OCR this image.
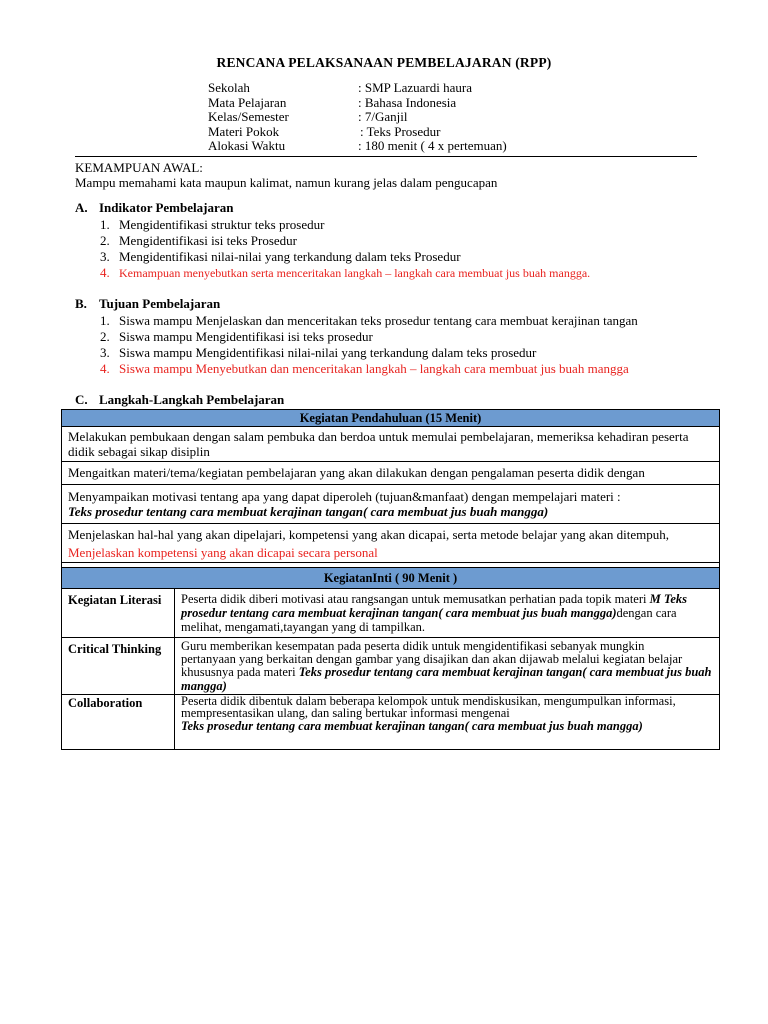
RENCANA PELAKSANAAN PEMBELAJARAN (RPP)
Sekolah	: SMP Lazuardi haura
Mata Pelajaran	: Bahasa Indonesia
Kelas/Semester	: 7/Ganjil
Materi Pokok	: Teks Prosedur
Alokasi Waktu	: 180 menit ( 4 x pertemuan)
KEMAMPUAN AWAL:
Mampu memahami kata maupun kalimat, namun kurang jelas dalam pengucapan
A. Indikator Pembelajaran
1. Mengidentifikasi struktur teks prosedur
2. Mengidentifikasi isi teks Prosedur
3. Mengidentifikasi nilai-nilai yang terkandung dalam teks Prosedur
4. Kemampuan menyebutkan serta menceritakan langkah – langkah cara membuat jus buah mangga.
B. Tujuan Pembelajaran
1. Siswa mampu Menjelaskan dan menceritakan teks prosedur tentang cara membuat kerajinan tangan
2. Siswa mampu Mengidentifikasi isi teks prosedur
3. Siswa mampu Mengidentifikasi nilai-nilai yang terkandung dalam teks prosedur
4. Siswa mampu Menyebutkan dan menceritakan langkah – langkah cara membuat jus buah mangga
C. Langkah-Langkah Pembelajaran
Kegiatan Pendahuluan (15 Menit)	
Melakukan pembukaan dengan salam pembuka dan berdoa untuk memulai pembelajaran, memeriksa kehadiran peserta didik sebagai sikap disiplin	
Mengaitkan materi/tema/kegiatan pembelajaran yang akan dilakukan dengan pengalaman peserta didik dengan	

Menyampaikan motivasi tentang apa yang dapat diperoleh (tujuan&manfaat) dengan mempelajari materi :
Teks prosedur tentang cara membuat kerajinan tangan( cara membuat jus buah mangga)	

Menjelaskan hal-hal yang akan dipelajari, kompetensi yang akan dicapai, serta metode belajar yang akan ditempuh,
Menjelaskan kompetensi yang akan dicapai secara personal	

KegiatanInti ( 90 Menit )	
Kegiatan Literasi	Peserta didik diberi motivasi atau rangsangan untuk memusatkan perhatian pada topik materi M Teks prosedur tentang cara membuat kerajinan tangan( cara membuat jus buah mangga)dengan cara melihat, mengamati,tayangan yang di tampilkan.
Critical Thinking	Guru memberikan kesempatan pada peserta didik untuk mengidentifikasi sebanyak mungkin
pertanyaan yang berkaitan dengan gambar yang disajikan dan akan dijawab melalui kegiatan belajar khususnya pada materi Teks prosedur tentang cara membuat kerajinan tangan( cara membuat jus buah mangga)

Collaboration	Peserta didik dibentuk dalam beberapa kelompok untuk mendiskusikan, mengumpulkan informasi, mempresentasikan ulang, dan saling bertukar informasi mengenai
Teks prosedur tentang cara membuat kerajinan tangan( cara membuat jus buah mangga)
